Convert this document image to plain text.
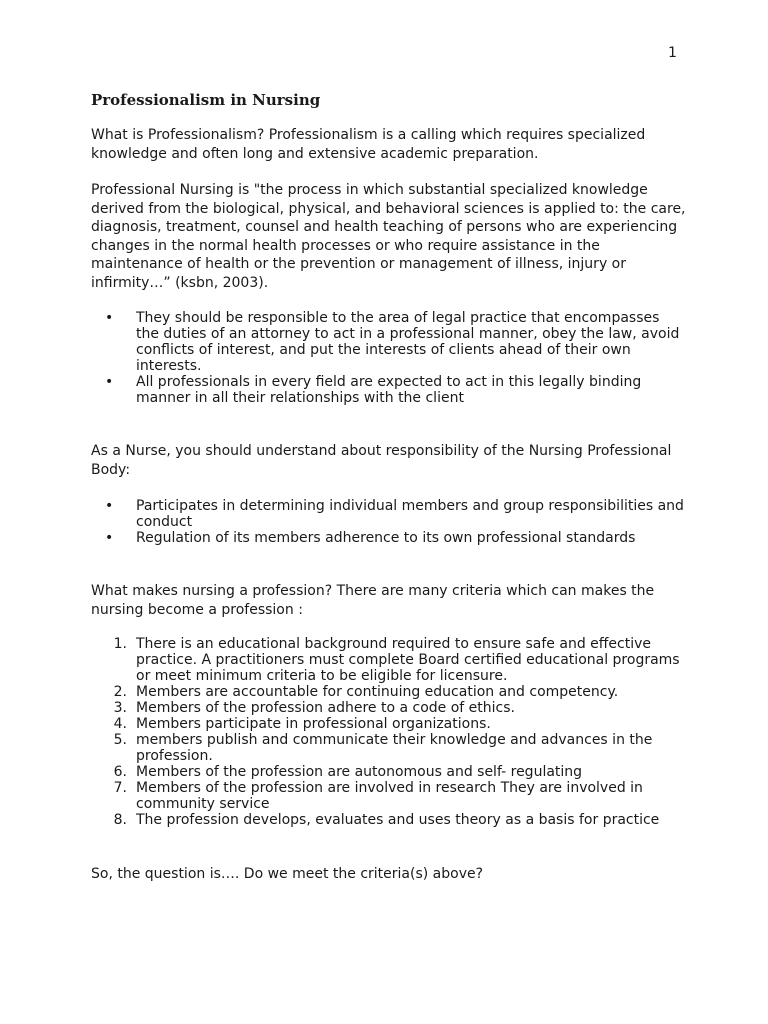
1
Professionalism in Nursing

What is Professionalism? Professionalism is a calling which requires specialized
knowledge and often long and extensive academic preparation.

Professional Nursing is "the process in which substantial specialized knowledge
derived from the biological, physical, and behavioral sciences is applied to: the care,
diagnosis, treatment, counsel and health teaching of persons who are experiencing
changes in the normal health processes or who require assistance in the
maintenance of health or the prevention or management of illness, injury or
infirmity…” (ksbn, 2003).

•	They should be responsible to the area of legal practice that encompasses
the duties of an attorney to act in a professional manner, obey the law, avoid
conflicts of interest, and put the interests of clients ahead of their own
interests.
•	All professionals in every field are expected to act in this legally binding
manner in all their relationships with the client

As a Nurse, you should understand about responsibility of the Nursing Professional
Body:

•	Participates in determining individual members and group responsibilities and
conduct
•	Regulation of its members adherence to its own professional standards

What makes nursing a profession? There are many criteria which can makes the
nursing become a profession :

1. There is an educational background required to ensure safe and effective
practice. A practitioners must complete Board certified educational programs
or meet minimum criteria to be eligible for licensure.
2. Members are accountable for continuing education and competency.
3. Members of the profession adhere to a code of ethics.
4. Members participate in professional organizations.
5. members publish and communicate their knowledge and advances in the
profession.
6. Members of the profession are autonomous and self- regulating
7. Members of the profession are involved in research They are involved in
community service
8. The profession develops, evaluates and uses theory as a basis for practice

So, the question is…. Do we meet the criteria(s) above?
